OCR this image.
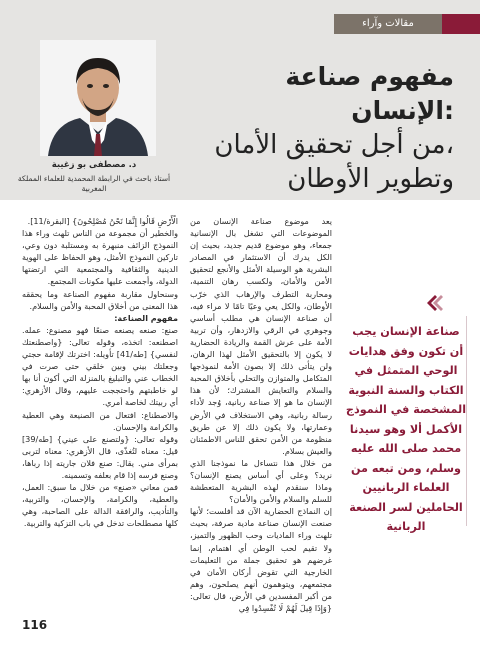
مقالات وآراء
د. مصطفى بو زغيبة
أستاذ باحث في الرابطة المحمدية للعلماء المملكة المغربية
مفهوم صناعة الإنسان:
من أجل تحقيق الأمان،
وتطوير الأوطان
صناعة الإنسان يجب أن تكون وفق هدايات الوحي المتمثل في الكتاب والسنة النبوية المشخصة في النموذج الأكمل ألا وهو سيدنا محمد صلى الله عليه وسلم، ومن تبعه من العلماء الربانيين الحاملين لسر الصنعة الربانية

يعد موضوع صناعة الإنسان من الموضوعات التي تشغل بال الإنسانية جمعاء، وهو موضوع قديم جديد، بحيث إن الكل يدرك أن الاستثمار في المصادر البشرية هو الوسيلة الأمثل والأنجع لتحقيق الأمن والأمان، ولكسب رهان التنمية، ومحاربة التطرف والإرهاب الذي خرّب الأوطان، والكل يعي وعيًا تامًا لا مراء فيه، أن صناعة الإنسان هي مطلب أساسي وجوهري في الرقي والازدهار، وأن تربية الأمة على عرش القمة والريادة الحضارية لا يكون إلا بالتحقيق الأمثل لهذا الرهان، ولن يتأتى ذلك إلا بصون الأمة لنموذجها المتكامل والمتوازن والتحلي بأخلاق المحبة والسلام والتعايش المشترك؛ لأن هذا الإنسان ما هو إلا صناعة ربانية، وُجد لأداء رسالة ربانية، وهي الاستخلاف في الأرض وعمارتها، ولا يكون ذلك إلا عن طريق منظومة من الأمن تحقق للناس الاطمئنان والعيش بسلام.

من خلال هذا نتساءل ما نموذجنا الذي نريد؟ وعلى أي أساس يصنع الإنسان؟ وماذا سنقدم لهذه البشرية المتعطشة للسلم والسلام والأمن والأمان؟

إن النماذج الحضارية الآن قد أفلست؛ لأنها صنعت الإنسان صناعة مادية صرفة، بحيث تلهث وراء الماديات وحب الظهور والتميز، ولا تقيم لحب الوطن أي اهتمام، إنما غرضهم هو تحقيق جملة من التعليمات الخارجية التي تقوض أركان الأمان في مجتمعهم، ويتوهمون أنهم يصلحون، وهم من أكبر المفسدين في الأرض، قال تعالى: {وَإِذَا قِيلَ لَهُمْ لَا تُفْسِدُوا فِي

الْأَرْضِ قَالُوا إِنَّمَا نَحْنُ مُصْلِحُونَ} [البقرة/11].

والخطير أن مجموعة من الناس تلهث وراء هذا النموذج الزائف منبهرة به ومستلبة دون وعي، تاركين النموذج الأمثل، وهو الحفاظ على الهوية الدينية والثقافية والمجتمعية التي ارتضتها الدولة، وأجمعت عليها مكونات المجتمع.

وسنحاول مقاربة مفهوم الصناعة وما يحققه هذا المعنى من أخلاق المحبة والأمن والسلام.

مفهوم الصناعة:

صنع: صنعه يصنعه صنعًا فهو مصنوع: عمله. اصطنعه: اتخذه، وقوله تعالى: {واصطنعتك لنفسي} [طه/41] تأويله: اخترتك لإقامة حجتي وجعلتك بيني وبين خلقي حتى صرت في الخطاب عني والتبليغ بالمنزلة التي أكون أنا بها لو خاطبتهم واحتججت عليهم، وقال الأزهري: أي ربيتك لخاصة أمري.

والاصطناع: افتعال من الصنيعة وهي العطية والكرامة والإحسان.

وقوله تعالى: {ولتصنع على عيني} [طه/39] قيل: معناه لتُغذّى، قال الأزهري: معناه لتربى بمرأى مني. يقال: صنع فلان جاريته إذا رباها، وصنع فرسه إذا قام بعلفه وتسمينه.

فمن معاني «صنع» من خلال ما سبق: العمل، والعطية، والكرامة، والإحسان، والتربية، والتأديب، والرافقة الدالة على الصاحبة، وهي كلها مصطلحات تدخل في باب التزكية والتربية.

116
